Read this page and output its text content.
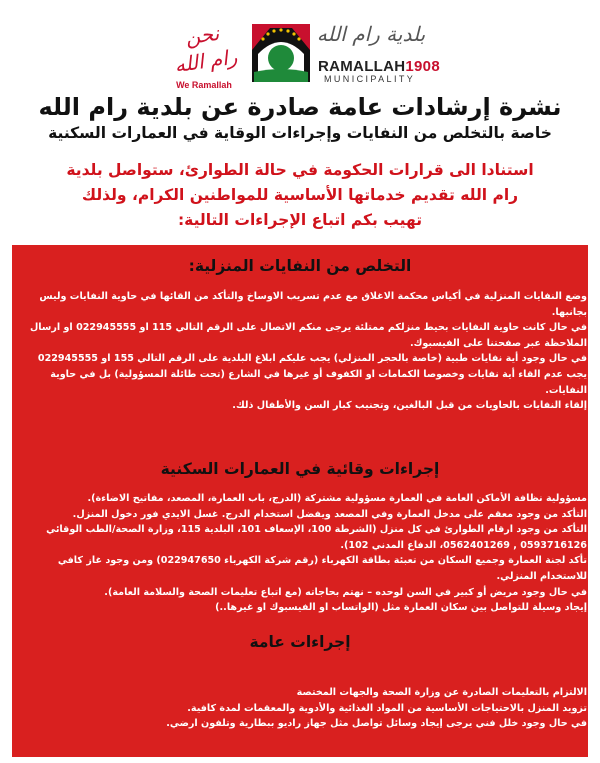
نحن رام الله
We Ramallah
بلدية رام الله
RAMALLAH1908
MUNICIPALITY
نشرة إرشادات عامة صادرة عن بلدية رام الله
خاصة بالتخلص من النفايات وإجراءات الوقاية في العمارات السكنية
استنادا الى قرارات الحكومة في حالة الطوارئ، ستواصل بلدية
رام الله تقديم خدماتها الأساسية للمواطنين الكرام، ولذلك
تهيب بكم اتباع الإجراءات التالية:
التخلص من النفايات المنزلية:
وضع النفايات المنزلية في أكياس محكمة الاغلاق مع عدم تسريب الاوساخ والتأكد من القائها في حاوية النفايات وليس بجانبها.
في حال كانت حاوية النفايات بحيط منزلكم ممتلئة يرجى منكم الاتصال على الرقم التالي 115 او 022945555 او ارسال الملاحظة عبر صفحتنا على الفيسبوك.
في حال وجود أية نفايات طبية (خاصة بالحجر المنزلي) يجب عليكم ابلاغ البلدية على الرقم التالي 155 او 022945555
يجب عدم القاء أية نفايات وخصوصا الكمامات او الكفوف أو غيرها في الشارع (تحت طائلة المسؤولية) بل في حاوية النفايات.
إلقاء النفايات بالحاويات من قبل البالغين، وتجنيب كبار السن والأطفال ذلك.
إجراءات وقائية في العمارات السكنية
مسؤولية نظافة الأماكن العامة في العمارة مسؤولية مشتركة (الدرج، باب العمارة، المصعد، مفاتيح الاضاءة).
التأكد من وجود معقم على مدخل العمارة وفي المصعد ويفضل استخدام الدرج. غسل الايدي فور دخول المنزل.
التأكد من وجود ارقام الطوارئ في كل منزل (الشرطة 100، الإسعاف 101، البلدية 115، وزارة الصحة/الطب الوقائي 0593716126 , 0562401269، الدفاع المدني 102).
تأكد لجنة العمارة وجميع السكان من تعبئة بطاقة الكهرباء (رقم شركة الكهرباء 022947650) ومن وجود غاز كافي للاستخدام المنزلي.
في حال وجود مريض أو كبير في السن لوحده – نهتم بحاجاته (مع اتباع تعليمات الصحة والسلامة العامة).
إيجاد وسيلة للتواصل بين سكان العمارة مثل (الواتساب او الفيسبوك او غيرها..)
إجراءات عامة
الالتزام بالتعليمات الصادرة عن وزارة الصحة والجهات المختصة
تزويد المنزل بالاحتياجات الأساسية من المواد الغذائية والأدوية والمعقمات لمدة كافية.
في حال وجود خلل فني يرجى إيجاد وسائل تواصل مثل جهاز راديو ببطارية وتلفون ارضي.
